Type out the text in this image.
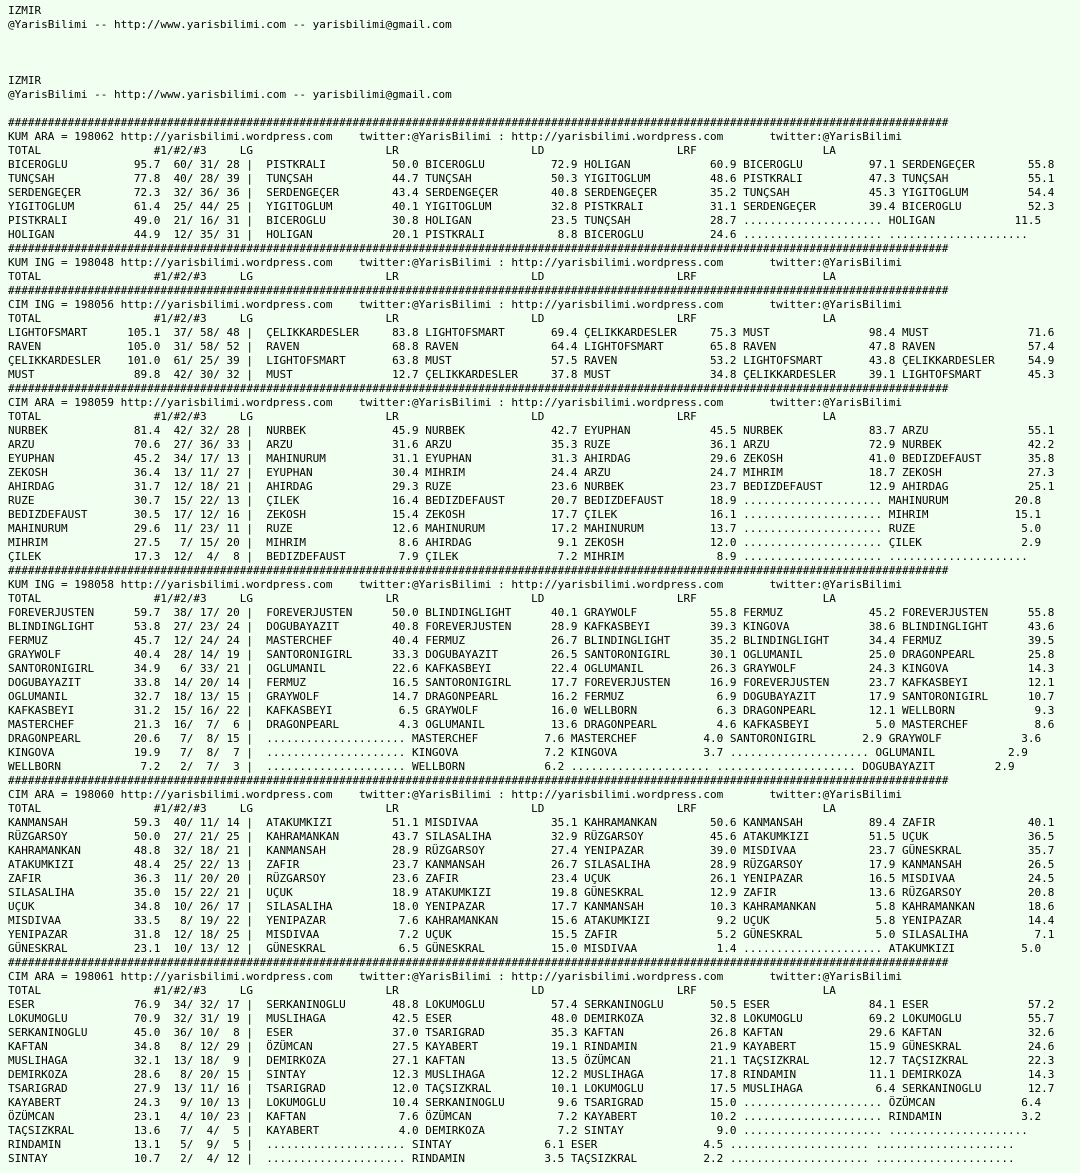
IZMIR
@YarisBilimi -- http://www.yarisbilimi.com -- yarisbilimi@gmail.com
IZMIR
@YarisBilimi -- http://www.yarisbilimi.com -- yarisbilimi@gmail.com
##############################################################################################################################################
KUM ARA = 198062 http://yarisbilimi.wordpress.com    twitter:@YarisBilimi : http://yarisbilimi.wordpress.com       twitter:@YarisBilimi
TOTAL                 #1/#2/#3     LG                    LR                    LD                    LRF                   LA
BICEROGLU          95.7  60/ 31/ 28 |  PISTKRALI          50.0 BICEROGLU          72.9 HOLIGAN            60.9 BICEROGLU          97.1 SERDENGEÇER        55.8
TUNÇSAH            77.8  40/ 28/ 39 |  TUNÇSAH            44.7 TUNÇSAH            50.3 YIGITOGLUM         48.6 PISTKRALI          47.3 TUNÇSAH            55.1
SERDENGEÇER        72.3  32/ 36/ 36 |  SERDENGEÇER        43.4 SERDENGEÇER        40.8 SERDENGEÇER        35.2 TUNÇSAH            45.3 YIGITOGLUM         54.4
YIGITOGLUM         61.4  25/ 44/ 25 |  YIGITOGLUM         40.1 YIGITOGLUM         32.8 PISTKRALI          31.1 SERDENGEÇER        39.4 BICEROGLU          52.3
PISTKRALI          49.0  21/ 16/ 31 |  BICEROGLU          30.8 HOLIGAN            23.5 TUNÇSAH            28.7 ..................... HOLIGAN            11.5
HOLIGAN            44.9  12/ 35/ 31 |  HOLIGAN            20.1 PISTKRALI           8.8 BICEROGLU          24.6 ..................... .....................
##############################################################################################################################################
KUM ING = 198048 http://yarisbilimi.wordpress.com    twitter:@YarisBilimi : http://yarisbilimi.wordpress.com       twitter:@YarisBilimi
TOTAL                 #1/#2/#3     LG                    LR                    LD                    LRF                   LA
##############################################################################################################################################
CIM ING = 198056 http://yarisbilimi.wordpress.com    twitter:@YarisBilimi : http://yarisbilimi.wordpress.com       twitter:@YarisBilimi
TOTAL                 #1/#2/#3     LG                    LR                    LD                    LRF                   LA
LIGHTOFSMART      105.1  37/ 58/ 48 |  ÇELIKKARDESLER     83.8 LIGHTOFSMART       69.4 ÇELIKKARDESLER     75.3 MUST               98.4 MUST               71.6
RAVEN             105.0  31/ 58/ 52 |  RAVEN              68.8 RAVEN              64.4 LIGHTOFSMART       65.8 RAVEN              47.8 RAVEN              57.4
ÇELIKKARDESLER    101.0  61/ 25/ 39 |  LIGHTOFSMART       63.8 MUST               57.5 RAVEN              53.2 LIGHTOFSMART       43.8 ÇELIKKARDESLER     54.9
MUST               89.8  42/ 30/ 32 |  MUST               12.7 ÇELIKKARDESLER     37.8 MUST               34.8 ÇELIKKARDESLER     39.1 LIGHTOFSMART       45.3
##############################################################################################################################################
CIM ARA = 198059 http://yarisbilimi.wordpress.com    twitter:@YarisBilimi : http://yarisbilimi.wordpress.com       twitter:@YarisBilimi
TOTAL                 #1/#2/#3     LG                    LR                    LD                    LRF                   LA
NURBEK             81.4  42/ 32/ 28 |  NURBEK             45.9 NURBEK             42.7 EYUPHAN            45.5 NURBEK             83.7 ARZU               55.1
ARZU               70.6  27/ 36/ 33 |  ARZU               31.6 ARZU               35.3 RUZE               36.1 ARZU               72.9 NURBEK             42.2
EYUPHAN            45.2  34/ 17/ 13 |  MAHINURUM          31.1 EYUPHAN            31.3 AHIRDAG            29.6 ZEKOSH             41.0 BEDIZDEFAUST       35.8
ZEKOSH             36.4  13/ 11/ 27 |  EYUPHAN            30.4 MIHRIM             24.4 ARZU               24.7 MIHRIM             18.7 ZEKOSH             27.3
AHIRDAG            31.7  12/ 18/ 21 |  AHIRDAG            29.3 RUZE               23.6 NURBEK             23.7 BEDIZDEFAUST       12.9 AHIRDAG            25.1
RUZE               30.7  15/ 22/ 13 |  ÇILEK              16.4 BEDIZDEFAUST       20.7 BEDIZDEFAUST       18.9 ..................... MAHINURUM          20.8
BEDIZDEFAUST       30.5  17/ 12/ 16 |  ZEKOSH             15.4 ZEKOSH             17.7 ÇILEK              16.1 ..................... MIHRIM             15.1
MAHINURUM          29.6  11/ 23/ 11 |  RUZE               12.6 MAHINURUM          17.2 MAHINURUM          13.7 ..................... RUZE                5.0
MIHRIM             27.5   7/ 15/ 20 |  MIHRIM              8.6 AHIRDAG             9.1 ZEKOSH             12.0 ..................... ÇILEK               2.9
ÇILEK              17.3  12/  4/  8 |  BEDIZDEFAUST        7.9 ÇILEK               7.2 MIHRIM              8.9 ..................... .....................
##############################################################################################################################################
KUM ING = 198058 http://yarisbilimi.wordpress.com    twitter:@YarisBilimi : http://yarisbilimi.wordpress.com       twitter:@YarisBilimi
TOTAL                 #1/#2/#3     LG                    LR                    LD                    LRF                   LA
FOREVERJUSTEN      59.7  38/ 17/ 20 |  FOREVERJUSTEN      50.0 BLINDINGLIGHT      40.1 GRAYWOLF           55.8 FERMUZ             45.2 FOREVERJUSTEN      55.8
BLINDINGLIGHT      53.8  27/ 23/ 24 |  DOGUBAYAZIT        40.8 FOREVERJUSTEN      28.9 KAFKASBEYI         39.3 KINGOVA            38.6 BLINDINGLIGHT      43.6
FERMUZ             45.7  12/ 24/ 24 |  MASTERCHEF         40.4 FERMUZ             26.7 BLINDINGLIGHT      35.2 BLINDINGLIGHT      34.4 FERMUZ             39.5
GRAYWOLF           40.4  28/ 14/ 19 |  SANTORONIGIRL      33.3 DOGUBAYAZIT        26.5 SANTORONIGIRL      30.1 OGLUMANIL          25.0 DRAGONPEARL        25.8
SANTORONIGIRL      34.9   6/ 33/ 21 |  OGLUMANIL          22.6 KAFKASBEYI         22.4 OGLUMANIL          26.3 GRAYWOLF           24.3 KINGOVA            14.3
DOGUBAYAZIT        33.8  14/ 20/ 14 |  FERMUZ             16.5 SANTORONIGIRL      17.7 FOREVERJUSTEN      16.9 FOREVERJUSTEN      23.7 KAFKASBEYI         12.1
OGLUMANIL          32.7  18/ 13/ 15 |  GRAYWOLF           14.7 DRAGONPEARL        16.2 FERMUZ              6.9 DOGUBAYAZIT        17.9 SANTORONIGIRL      10.7
KAFKASBEYI         31.2  15/ 16/ 22 |  KAFKASBEYI          6.5 GRAYWOLF           16.0 WELLBORN            6.3 DRAGONPEARL        12.1 WELLBORN            9.3
MASTERCHEF         21.3  16/  7/  6 |  DRAGONPEARL         4.3 OGLUMANIL          13.6 DRAGONPEARL         4.6 KAFKASBEYI          5.0 MASTERCHEF          8.6
DRAGONPEARL        20.6   7/  8/ 15 |  ..................... MASTERCHEF          7.6 MASTERCHEF          4.0 SANTORONIGIRL       2.9 GRAYWOLF            3.6
KINGOVA            19.9   7/  8/  7 |  ..................... KINGOVA             7.2 KINGOVA             3.7 ..................... OGLUMANIL           2.9
WELLBORN            7.2   2/  7/  3 |  ..................... WELLBORN            6.2 ..................... ..................... DOGUBAYAZIT         2.9
##############################################################################################################################################
CIM ARA = 198060 http://yarisbilimi.wordpress.com    twitter:@YarisBilimi : http://yarisbilimi.wordpress.com       twitter:@YarisBilimi
TOTAL                 #1/#2/#3     LG                    LR                    LD                    LRF                   LA
KANMANSAH          59.3  40/ 11/ 14 |  ATAKUMKIZI         51.1 MISDIVAA           35.1 KAHRAMANKAN        50.6 KANMANSAH          89.4 ZAFIR              40.1
RÜZGARSOY          50.0  27/ 21/ 25 |  KAHRAMANKAN        43.7 SILASALIHA         32.9 RÜZGARSOY          45.6 ATAKUMKIZI         51.5 UÇUK               36.5
KAHRAMANKAN        48.8  32/ 18/ 21 |  KANMANSAH          28.9 RÜZGARSOY          27.4 YENIPAZAR          39.0 MISDIVAA           23.7 GÜNESKRAL          35.7
ATAKUMKIZI         48.4  25/ 22/ 13 |  ZAFIR              23.7 KANMANSAH          26.7 SILASALIHA         28.9 RÜZGARSOY          17.9 KANMANSAH          26.5
ZAFIR              36.3  11/ 20/ 20 |  RÜZGARSOY          23.6 ZAFIR              23.4 UÇUK               26.1 YENIPAZAR          16.5 MISDIVAA           24.5
SILASALIHA         35.0  15/ 22/ 21 |  UÇUK               18.9 ATAKUMKIZI         19.8 GÜNESKRAL          12.9 ZAFIR              13.6 RÜZGARSOY          20.8
UÇUK               34.8  10/ 26/ 17 |  SILASALIHA         18.0 YENIPAZAR          17.7 KANMANSAH          10.3 KAHRAMANKAN         5.8 KAHRAMANKAN        18.6
MISDIVAA           33.5   8/ 19/ 22 |  YENIPAZAR           7.6 KAHRAMANKAN        15.6 ATAKUMKIZI          9.2 UÇUK                5.8 YENIPAZAR          14.4
YENIPAZAR          31.8  12/ 18/ 25 |  MISDIVAA            7.2 UÇUK               15.5 ZAFIR               5.2 GÜNESKRAL           5.0 SILASALIHA          7.1
GÜNESKRAL          23.1  10/ 13/ 12 |  GÜNESKRAL           6.5 GÜNESKRAL          15.0 MISDIVAA            1.4 ..................... ATAKUMKIZI          5.0
##############################################################################################################################################
CIM ARA = 198061 http://yarisbilimi.wordpress.com    twitter:@YarisBilimi : http://yarisbilimi.wordpress.com       twitter:@YarisBilimi
TOTAL                 #1/#2/#3     LG                    LR                    LD                    LRF                   LA
ESER               76.9  34/ 32/ 17 |  SERKANINOGLU       48.8 LOKUMOGLU          57.4 SERKANINOGLU       50.5 ESER               84.1 ESER               57.2
LOKUMOGLU          70.9  32/ 31/ 19 |  MUSLIHAGA          42.5 ESER               48.0 DEMIRKOZA          32.8 LOKUMOGLU          69.2 LOKUMOGLU          55.7
SERKANINOGLU       45.0  36/ 10/  8 |  ESER               37.0 TSARIGRAD          35.3 KAFTAN             26.8 KAFTAN             29.6 KAFTAN             32.6
KAFTAN             34.8   8/ 12/ 29 |  ÖZÜMCAN            27.5 KAYABERT           19.1 RINDAMIN           21.9 KAYABERT           15.9 GÜNESKRAL          24.6
MUSLIHAGA          32.1  13/ 18/  9 |  DEMIRKOZA          27.1 KAFTAN             13.5 ÖZÜMCAN            21.1 TAÇSIZKRAL         12.7 TAÇSIZKRAL         22.3
DEMIRKOZA          28.6   8/ 20/ 15 |  SINTAY             12.3 MUSLIHAGA          12.2 MUSLIHAGA          17.8 RINDAMIN           11.1 DEMIRKOZA          14.3
TSARIGRAD          27.9  13/ 11/ 16 |  TSARIGRAD          12.0 TAÇSIZKRAL         10.1 LOKUMOGLU          17.5 MUSLIHAGA           6.4 SERKANINOGLU       12.7
KAYABERT           24.3   9/ 10/ 13 |  LOKUMOGLU          10.4 SERKANINOGLU        9.6 TSARIGRAD          15.0 ..................... ÖZÜMCAN             6.4
ÖZÜMCAN            23.1   4/ 10/ 23 |  KAFTAN              7.6 ÖZÜMCAN             7.2 KAYABERT           10.2 ..................... RINDAMIN            3.2
TAÇSIZKRAL         13.6   7/  4/  5 |  KAYABERT            4.0 DEMIRKOZA           7.2 SINTAY              9.0 ..................... .....................
RINDAMIN           13.1   5/  9/  5 |  ..................... SINTAY              6.1 ESER                4.5 ..................... .....................
SINTAY             10.7   2/  4/ 12 |  ..................... RINDAMIN            3.5 TAÇSIZKRAL          2.2 ..................... .....................
